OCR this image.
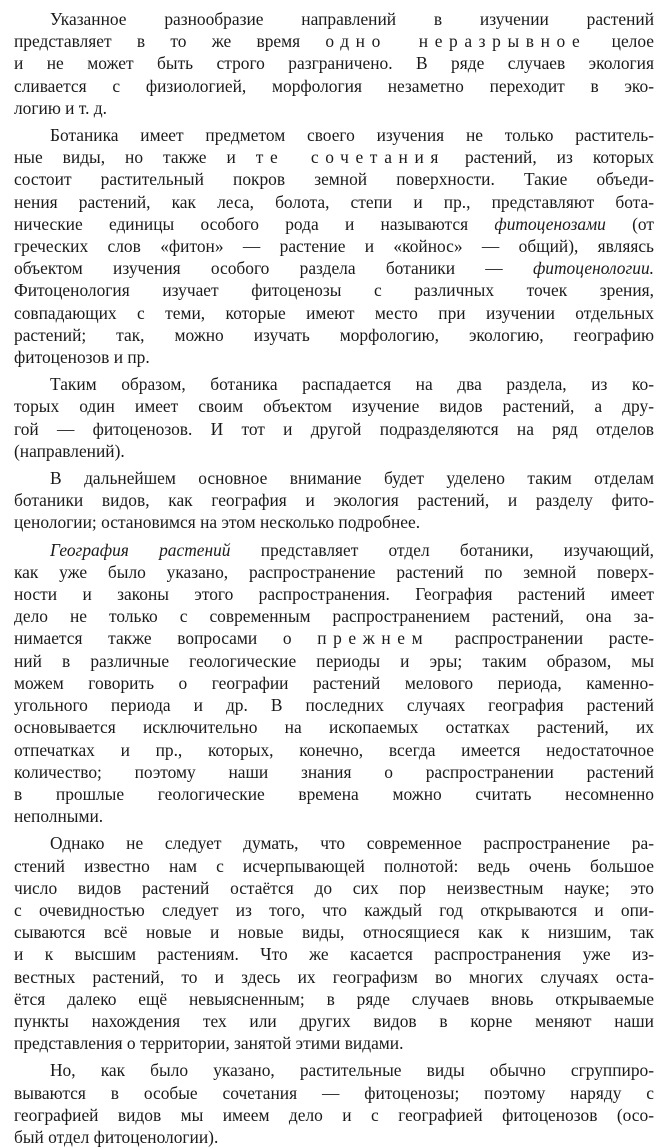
Указанное разнообразие направлений в изучении растений
представляет в то же время одно неразрывное целое
и не может быть строго разграничено. В ряде случаев экология
сливается с физиологией, морфология незаметно переходит в эко-
логию и т. д.
Ботаника имеет предметом своего изучения не только раститель-
ные виды, но также и те сочетания растений, из которых
состоит растительный покров земной поверхности. Такие объеди-
нения растений, как леса, болота, степи и пр., представляют бота-
нические единицы особого рода и называются фитоценозами (от
греческих слов «фитон» — растение и «койнос» — общий), являясь
объектом изучения особого раздела ботаники — фитоценологии.
Фитоценология изучает фитоценозы с различных точек зрения,
совпадающих с теми, которые имеют место при изучении отдельных
растений; так, можно изучать морфологию, экологию, географию
фитоценозов и пр.
Таким образом, ботаника распадается на два раздела, из ко-
торых один имеет своим объектом изучение видов растений, а дру-
гой — фитоценозов. И тот и другой подразделяются на ряд отделов
(направлений).
В дальнейшем основное внимание будет уделено таким отделам
ботаники видов, как география и экология растений, и разделу фито-
ценологии; остановимся на этом несколько подробнее.
География растений представляет отдел ботаники, изучающий,
как уже было указано, распространение растений по земной поверх-
ности и законы этого распространения. География растений имеет
дело не только с современным распространением растений, она за-
нимается также вопросами о прежнем распространении расте-
ний в различные геологические периоды и эры; таким образом, мы
можем говорить о географии растений мелового периода, каменно-
угольного периода и др. В последних случаях география растений
основывается исключительно на ископаемых остатках растений, их
отпечатках и пр., которых, конечно, всегда имеется недостаточное
количество; поэтому наши знания о распространении растений
в прошлые геологические времена можно считать несомненно
неполными.
Однако не следует думать, что современное распространение ра-
стений известно нам с исчерпывающей полнотой: ведь очень большое
число видов растений остаётся до сих пор неизвестным науке; это
с очевидностью следует из того, что каждый год открываются и опи-
сываются всё новые и новые виды, относящиеся как к низшим, так
и к высшим растениям. Что же касается распространения уже из-
вестных растений, то и здесь их географизм во многих случаях оста-
ётся далеко ещё невыясненным; в ряде случаев вновь открываемые
пункты нахождения тех или других видов в корне меняют наши
представления о территории, занятой этими видами.
Но, как было указано, растительные виды обычно сгруппиро-
вываются в особые сочетания — фитоценозы; поэтому наряду с
географией видов мы имеем дело и с географией фитоценозов (осо-
бый отдел фитоценологии).
